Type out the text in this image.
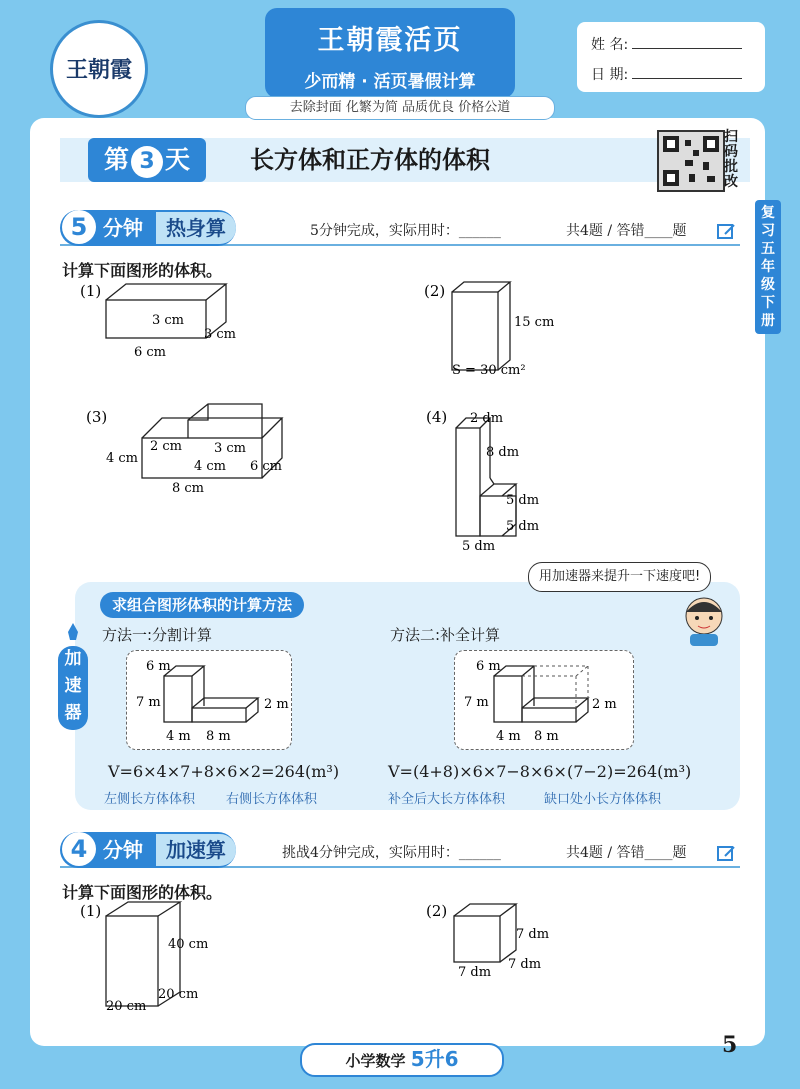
王朝霞
王朝霞活页
少而精 · 活页暑假计算
去除封面 化繁为简 品质优良 价格公道
姓 名:
日 期:
第 3 天	长方体和正方体的体积
扫码批改
复习五年级下册
5 分钟 热身算	5分钟完成，实际用时：______	共4题 / 答错____题
计算下面图形的体积。
(1)
3 cm
3 cm
6 cm
(2)
15 cm
S = 30 cm²
(3)
4 cm
2 cm 3 cm
4 cm 6 cm
8 cm
(4) 2 dm
8 dm
5 dm
5 dm
5 dm
求组合图形体积的计算方法
加速器
用加速器来提升一下速度吧!
方法一:分割计算	方法二:补全计算
6 m
7 m	2 m
4 m 8 m
6 m
7 m	2 m
4 m 8 m
V=6×4×7+8×6×2=264(m³)	V=(4+8)×6×7−8×6×(7−2)=264(m³)
左侧长方体体积 右侧长方体体积	补全后大长方体体积	缺口处小长方体体积
4 分钟 加速算	挑战4分钟完成，实际用时：______	共4题 / 答错____题
计算下面图形的体积。
(1)
40 cm
20 cm
20 cm
(2)
7 dm
7 dm
7 dm
小学数学 5升6
5
